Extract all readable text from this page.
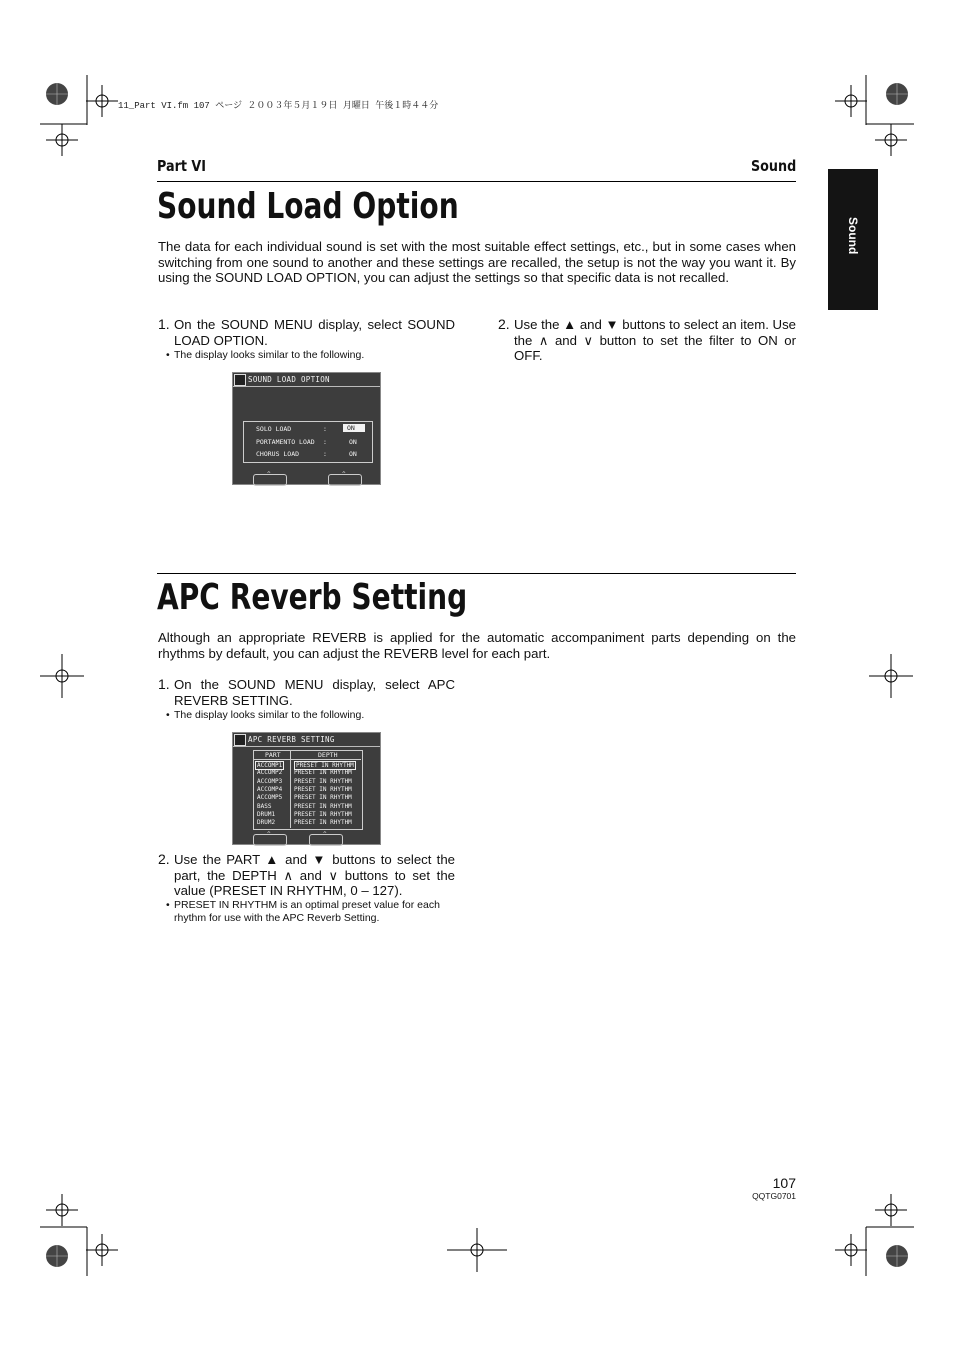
11_Part VI.fm 107 ページ ２００３年５月１９日 月曜日 午後１時４４分
Part VI	Sound
Sound
Sound Load Option
The data for each individual sound is set with the most suitable effect settings, etc., but in some cases when switching from one sound to another and these settings are recalled, the setup is not the way you want it. By using the SOUND LOAD OPTION, you can adjust the settings so that specific data is not recalled.
1. On the SOUND MENU display, select SOUND LOAD OPTION.
• The display looks similar to the following.
2. Use the ▲ and ▼ buttons to select an item. Use the ∧ and ∨ button to set the filter to ON or OFF.
SOUND LOAD OPTION
SOLO LOAD	:	ON
PORTAMENTO LOAD :	ON
CHORUS LOAD	:	ON
^
^
APC Reverb Setting
Although an appropriate REVERB is applied for the automatic accompaniment parts depending on the rhythms by default, you can adjust the REVERB level for each part.
1. On the SOUND MENU display, select APC REVERB SETTING.
• The display looks similar to the following.
APC REVERB SETTING
PART	DEPTH
^
^
ACCOMP1	PRESET IN RHYTHM
ACCOMP2 PRESET IN RHYTHM
ACCOMP3 PRESET IN RHYTHM
ACCOMP4 PRESET IN RHYTHM
ACCOMP5 PRESET IN RHYTHM
BASS	PRESET IN RHYTHM
DRUM1	PRESET IN RHYTHM
DRUM2	PRESET IN RHYTHM
2. Use the PART ▲ and ▼ buttons to select the part, the DEPTH ∧ and ∨ buttons to set the value (PRESET IN RHYTHM, 0 – 127).
• PRESET IN RHYTHM is an optimal preset value for each rhythm for use with the APC Reverb Setting.
107
QQTG0701
